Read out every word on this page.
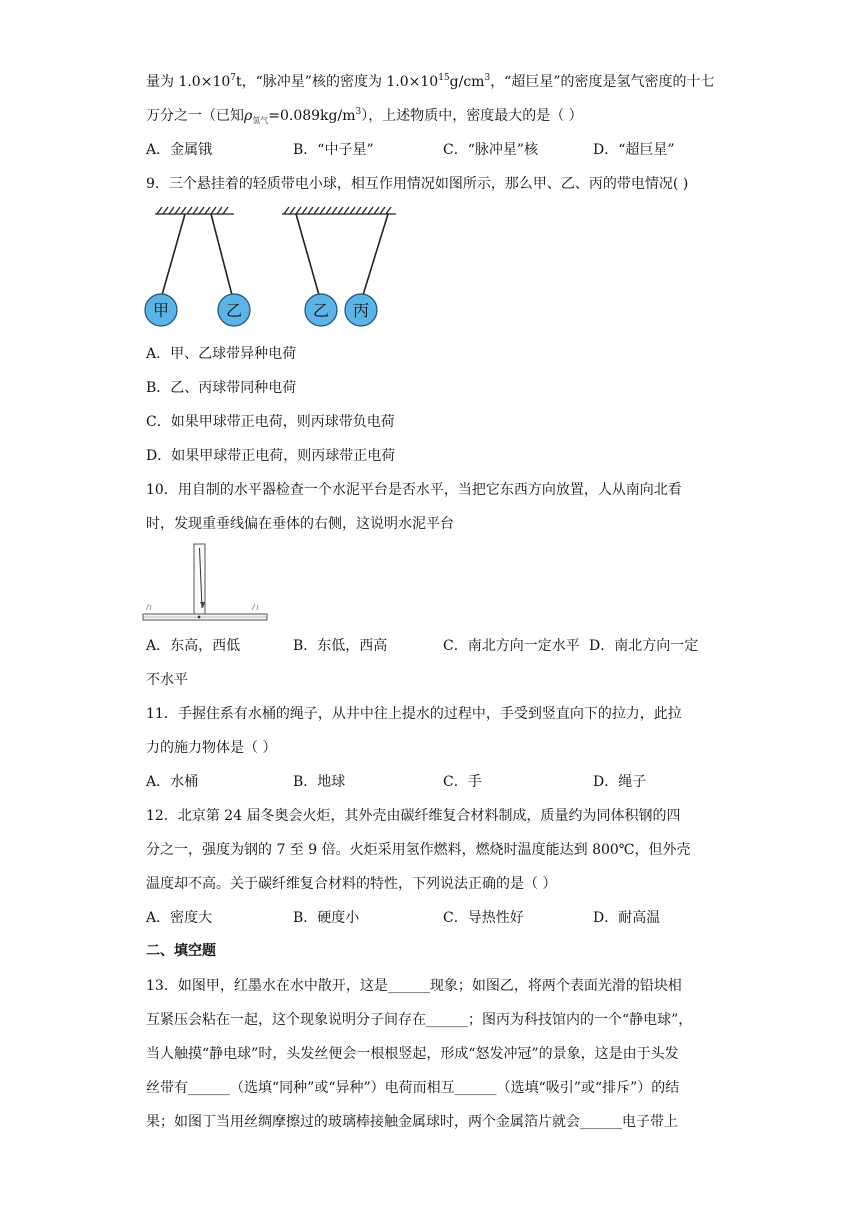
量为 $1.0\times 10^7t$，“脉冲星”核的密度为 $1.0\times 10^{15}g/cm^3$，“超巨星”的密度是氢气密度的十七
万分之一（已知$\rho_{氢气}=0.089kg/m^3$），上述物质中，密度最大的是（ ）
A．金属锇	B．“中子星”	C．“脉冲星”核	D．“超巨星”
9．三个悬挂着的轻质带电小球，相互作用情况如图所示，那么甲、乙、丙的带电情况( )
甲	乙	乙 丙
A．甲、乙球带异种电荷
B．乙、丙球带同种电荷
C．如果甲球带正电荷，则丙球带负电荷
D．如果甲球带正电荷，则丙球带正电荷
10．用自制的水平器检查一个水泥平台是否水平，当把它东西方向放置，人从南向北看
时，发现重垂线偏在垂体的右侧，这说明水泥平台
A．东高，西低	B．东低，西高	C．南北方向一定水平 D．南北方向一定
不水平
11．手握住系有水桶的绳子，从井中往上提水的过程中，手受到竖直向下的拉力，此拉
力的施力物体是（ ）
A．水桶	B．地球	C．手	D．绳子
12．北京第 24 届冬奥会火炬，其外壳由碳纤维复合材料制成，质量约为同体积钢的四
分之一，强度为钢的 7 至 9 倍。火炬采用氢作燃料，燃烧时温度能达到 800℃，但外壳
温度却不高。关于碳纤维复合材料的特性，下列说法正确的是（ ）
A．密度大	B．硬度小	C．导热性好	D．耐高温
二、填空题
13．如图甲，红墨水在水中散开，这是______现象；如图乙，将两个表面光滑的铅块相
互紧压会粘在一起，这个现象说明分子间存在______；图丙为科技馆内的一个“静电球”，
当人触摸“静电球”时，头发丝便会一根根竖起，形成“怒发冲冠”的景象，这是由于头发
丝带有______（选填“同种”或“异种”）电荷而相互______（选填“吸引”或“排斥”）的结
果；如图丁当用丝绸摩擦过的玻璃棒接触金属球时，两个金属箔片就会______电子带上
